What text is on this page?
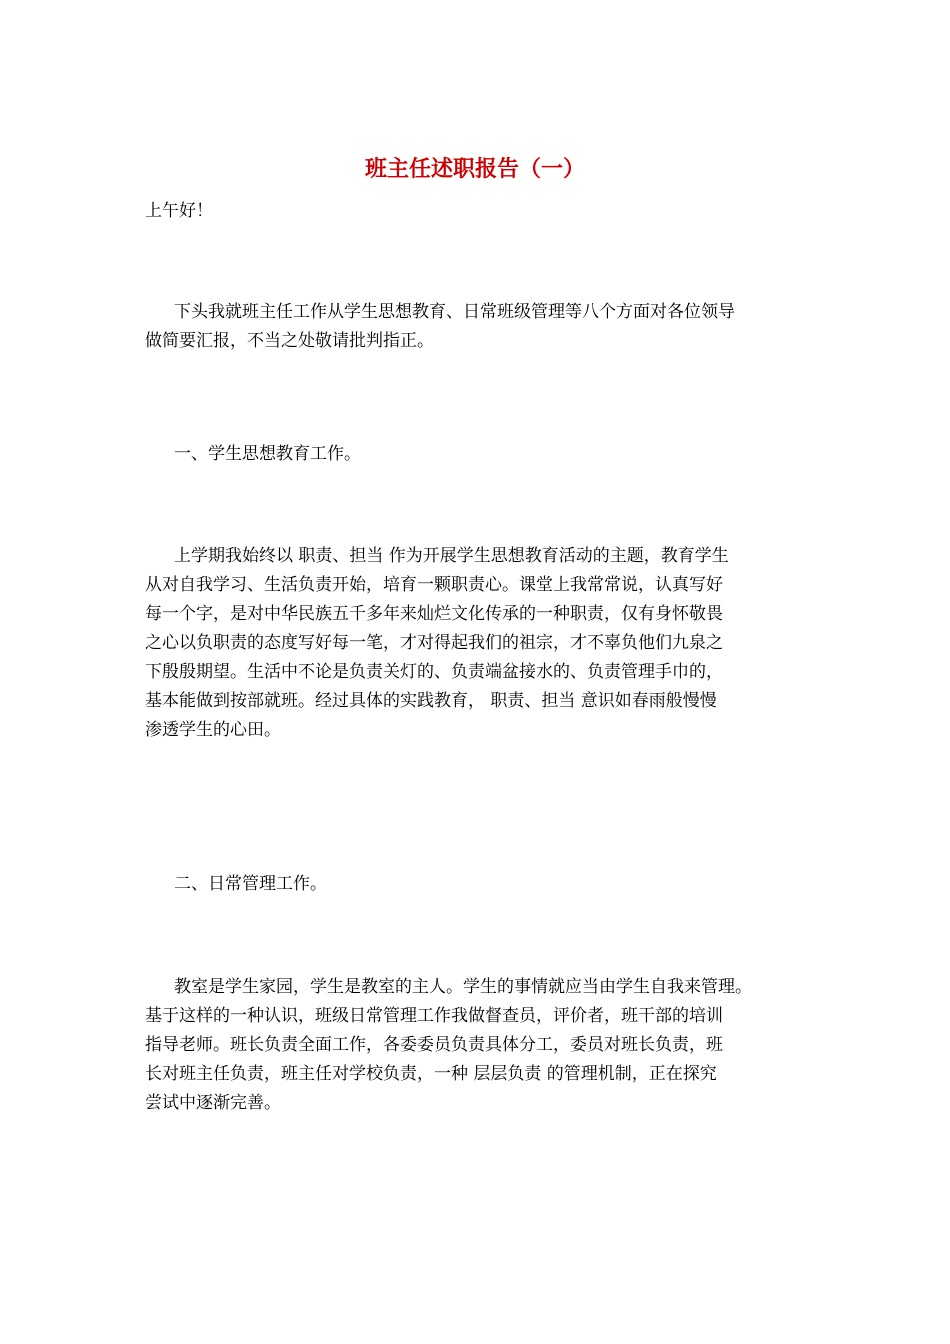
班主任述职报告（一）

上午好！

下头我就班主任工作从学生思想教育、日常班级管理等八个方面对各位领导
做简要汇报，不当之处敬请批判指正。

一、学生思想教育工作。

上学期我始终以 职责、担当 作为开展学生思想教育活动的主题，教育学生
从对自我学习、生活负责开始，培育一颗职责心。课堂上我常常说，认真写好
每一个字，是对中华民族五千多年来灿烂文化传承的一种职责，仅有身怀敬畏
之心以负职责的态度写好每一笔，才对得起我们的祖宗，才不辜负他们九泉之
下殷殷期望。生活中不论是负责关灯的、负责端盆接水的、负责管理手巾的，
基本能做到按部就班。经过具体的实践教育， 职责、担当 意识如春雨般慢慢
渗透学生的心田。

二、日常管理工作。

教室是学生家园，学生是教室的主人。学生的事情就应当由学生自我来管理。
基于这样的一种认识，班级日常管理工作我做督查员，评价者，班干部的培训
指导老师。班长负责全面工作，各委委员负责具体分工，委员对班长负责，班
长对班主任负责，班主任对学校负责，一种 层层负责 的管理机制，正在探究
尝试中逐渐完善。
